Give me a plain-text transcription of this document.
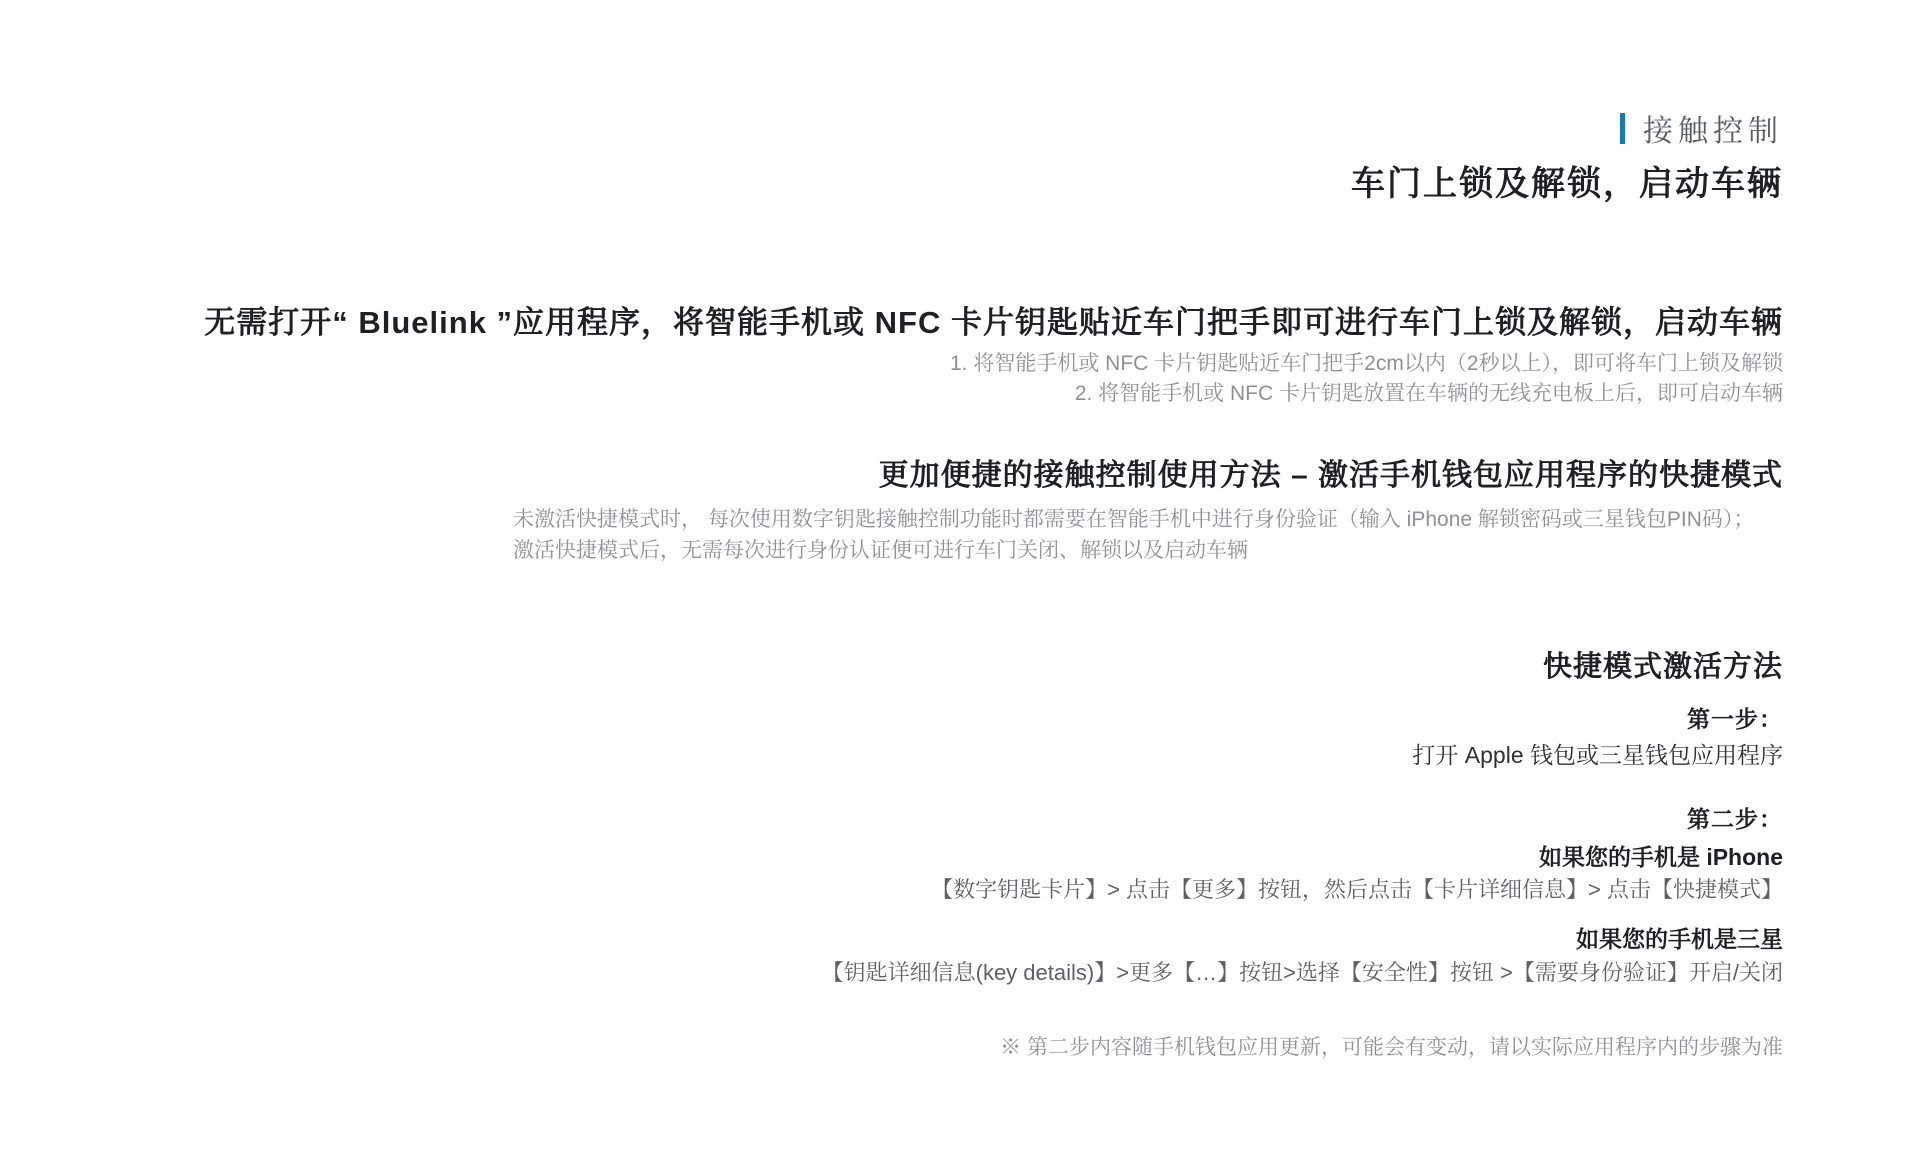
接触控制
车门上锁及解锁，启动车辆
无需打开“ Bluelink ”应用程序，将智能手机或 NFC 卡片钥匙贴近车门把手即可进行车门上锁及解锁，启动车辆
1. 将智能手机或 NFC 卡片钥匙贴近车门把手2cm以内（2秒以上），即可将车门上锁及解锁
2. 将智能手机或 NFC 卡片钥匙放置在车辆的无线充电板上后，即可启动车辆
更加便捷的接触控制使用方法 – 激活手机钱包应用程序的快捷模式
未激活快捷模式时， 每次使用数字钥匙接触控制功能时都需要在智能手机中进行身份验证（输入 iPhone 解锁密码或三星钱包PIN码）；
激活快捷模式后，无需每次进行身份认证便可进行车门关闭、解锁以及启动车辆
快捷模式激活方法
第一步：
打开 Apple 钱包或三星钱包应用程序
第二步：
如果您的手机是 iPhone
【数字钥匙卡片】> 点击【更多】按钮，然后点击【卡片详细信息】> 点击【快捷模式】
如果您的手机是三星
【钥匙详细信息(key details)】>更多【…】按钮>选择【安全性】按钮 >【需要身份验证】开启/关闭
※ 第二步内容随手机钱包应用更新，可能会有变动，请以实际应用程序内的步骤为准
